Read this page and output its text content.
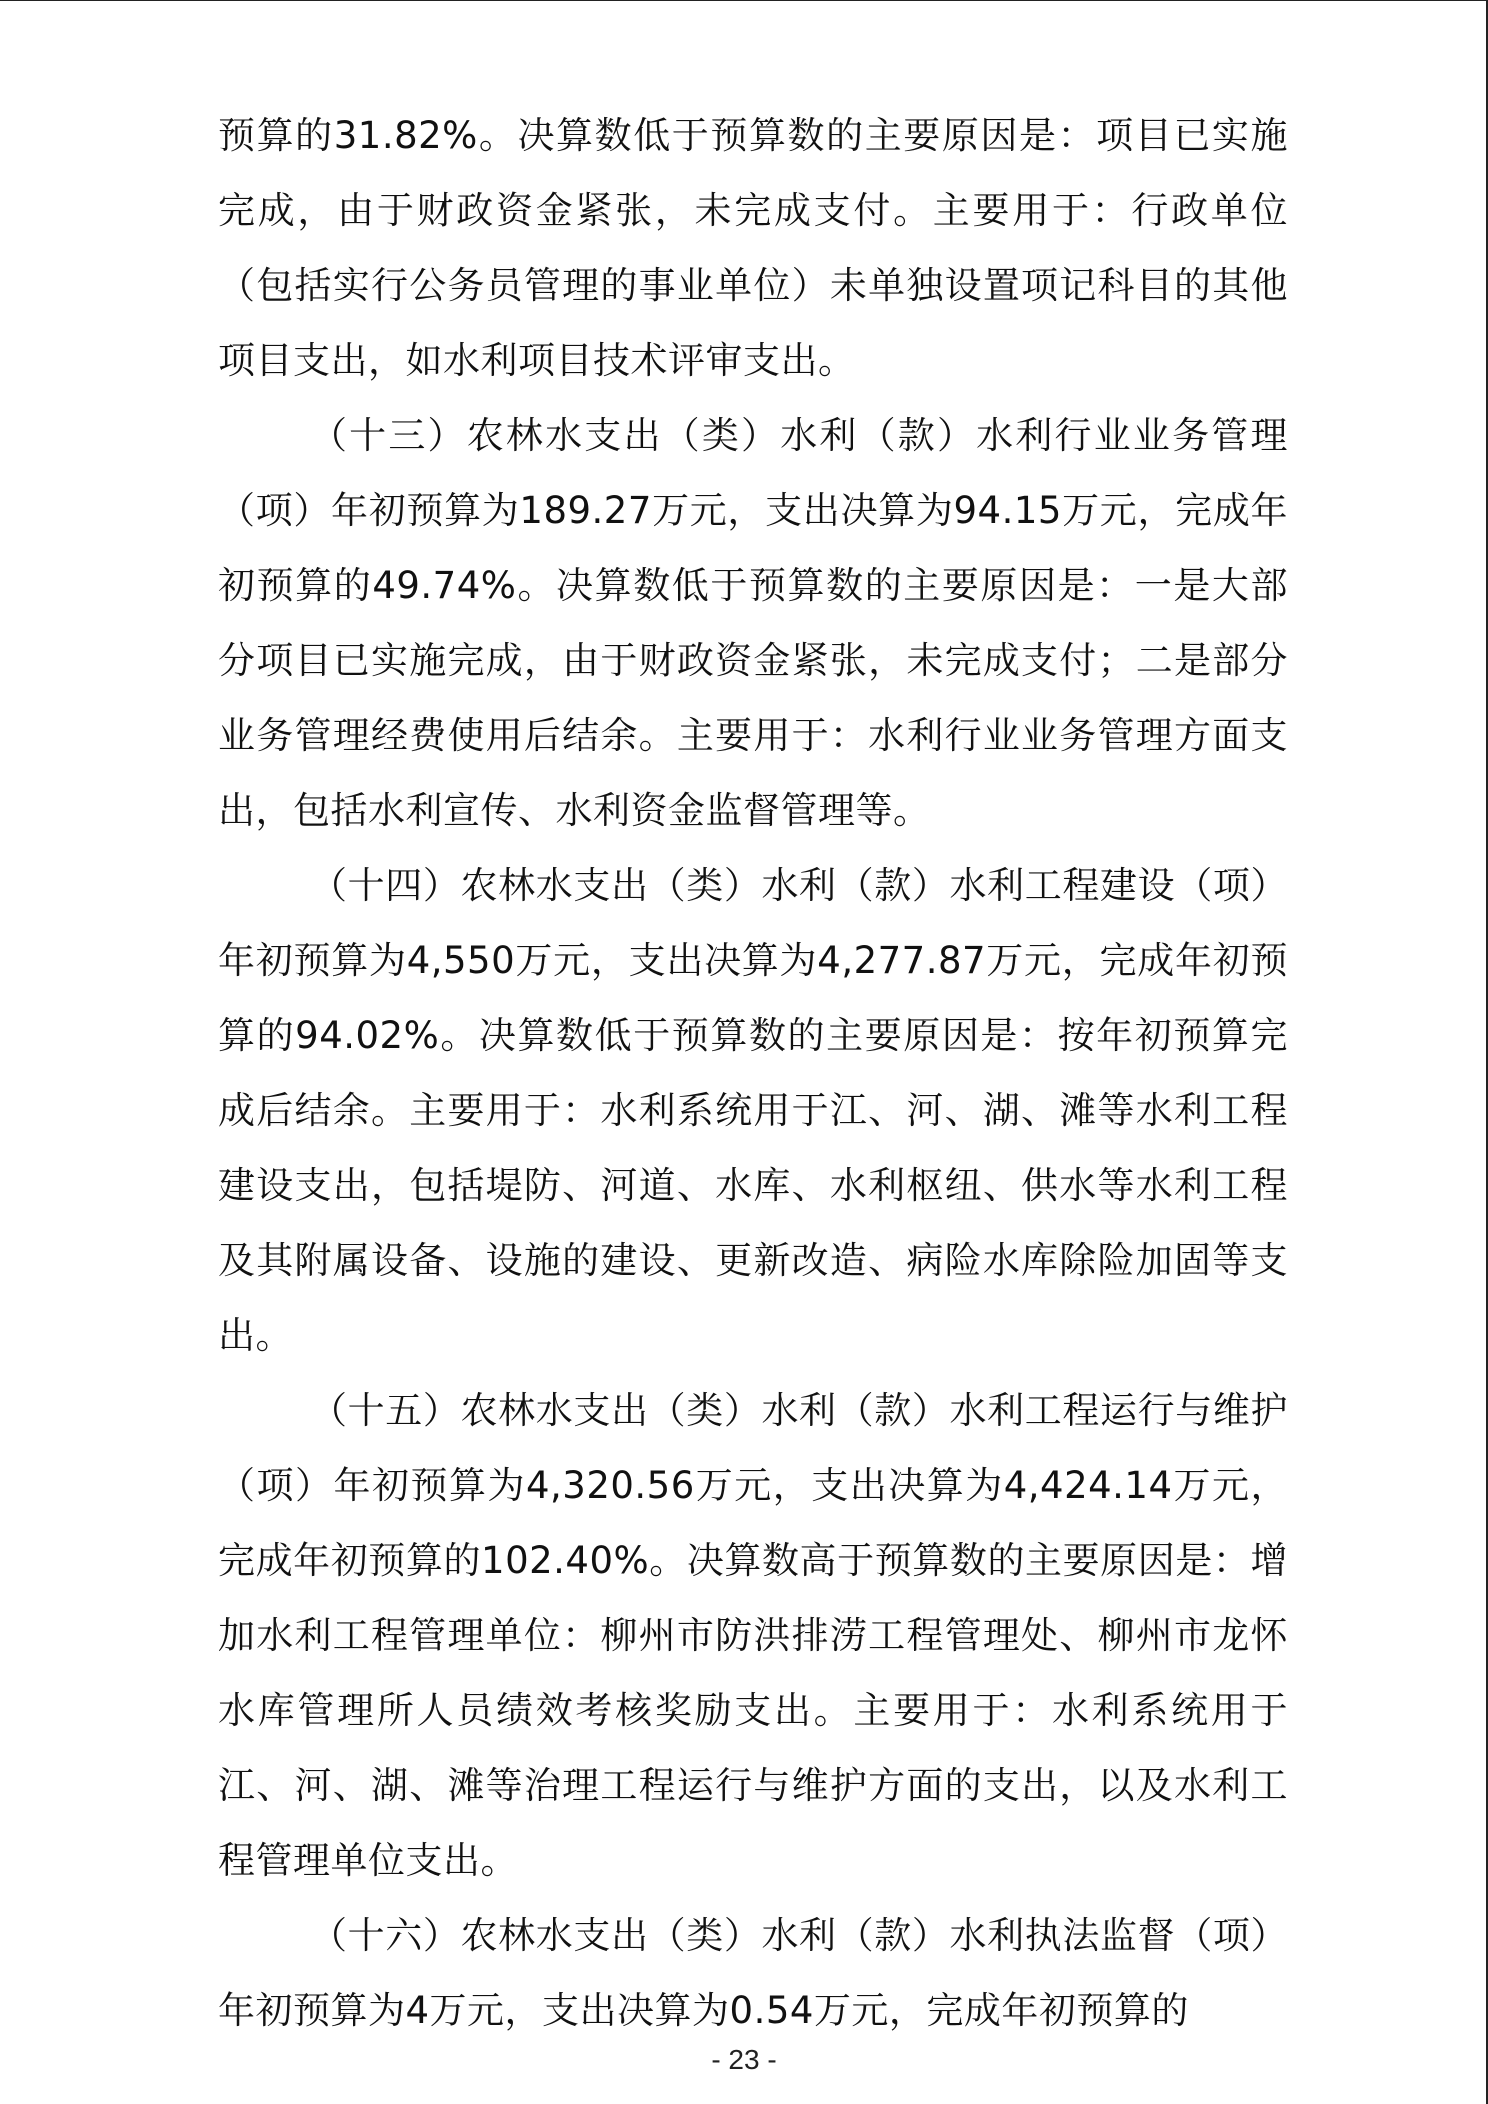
预算的31.82%。决算数低于预算数的主要原因是：项目已实施完成，由于财政资金紧张，未完成支付。主要用于：行政单位（包括实行公务员管理的事业单位）未单独设置项记科目的其他项目支出，如水利项目技术评审支出。

（十三）农林水支出（类）水利（款）水利行业业务管理（项）年初预算为189.27万元，支出决算为94.15万元，完成年初预算的49.74%。决算数低于预算数的主要原因是：一是大部分项目已实施完成，由于财政资金紧张，未完成支付；二是部分业务管理经费使用后结余。主要用于：水利行业业务管理方面支出，包括水利宣传、水利资金监督管理等。

（十四）农林水支出（类）水利（款）水利工程建设（项）年初预算为4,550万元，支出决算为4,277.87万元，完成年初预算的94.02%。决算数低于预算数的主要原因是：按年初预算完成后结余。主要用于：水利系统用于江、河、湖、滩等水利工程建设支出，包括堤防、河道、水库、水利枢纽、供水等水利工程及其附属设备、设施的建设、更新改造、病险水库除险加固等支出。

（十五）农林水支出（类）水利（款）水利工程运行与维护（项）年初预算为4,320.56万元，支出决算为4,424.14万元，完成年初预算的102.40%。决算数高于预算数的主要原因是：增加水利工程管理单位：柳州市防洪排涝工程管理处、柳州市龙怀水库管理所人员绩效考核奖励支出。主要用于：水利系统用于江、河、湖、滩等治理工程运行与维护方面的支出，以及水利工程管理单位支出。

（十六）农林水支出（类）水利（款）水利执法监督（项）年初预算为4万元，支出决算为0.54万元，完成年初预算的

- 23 -
